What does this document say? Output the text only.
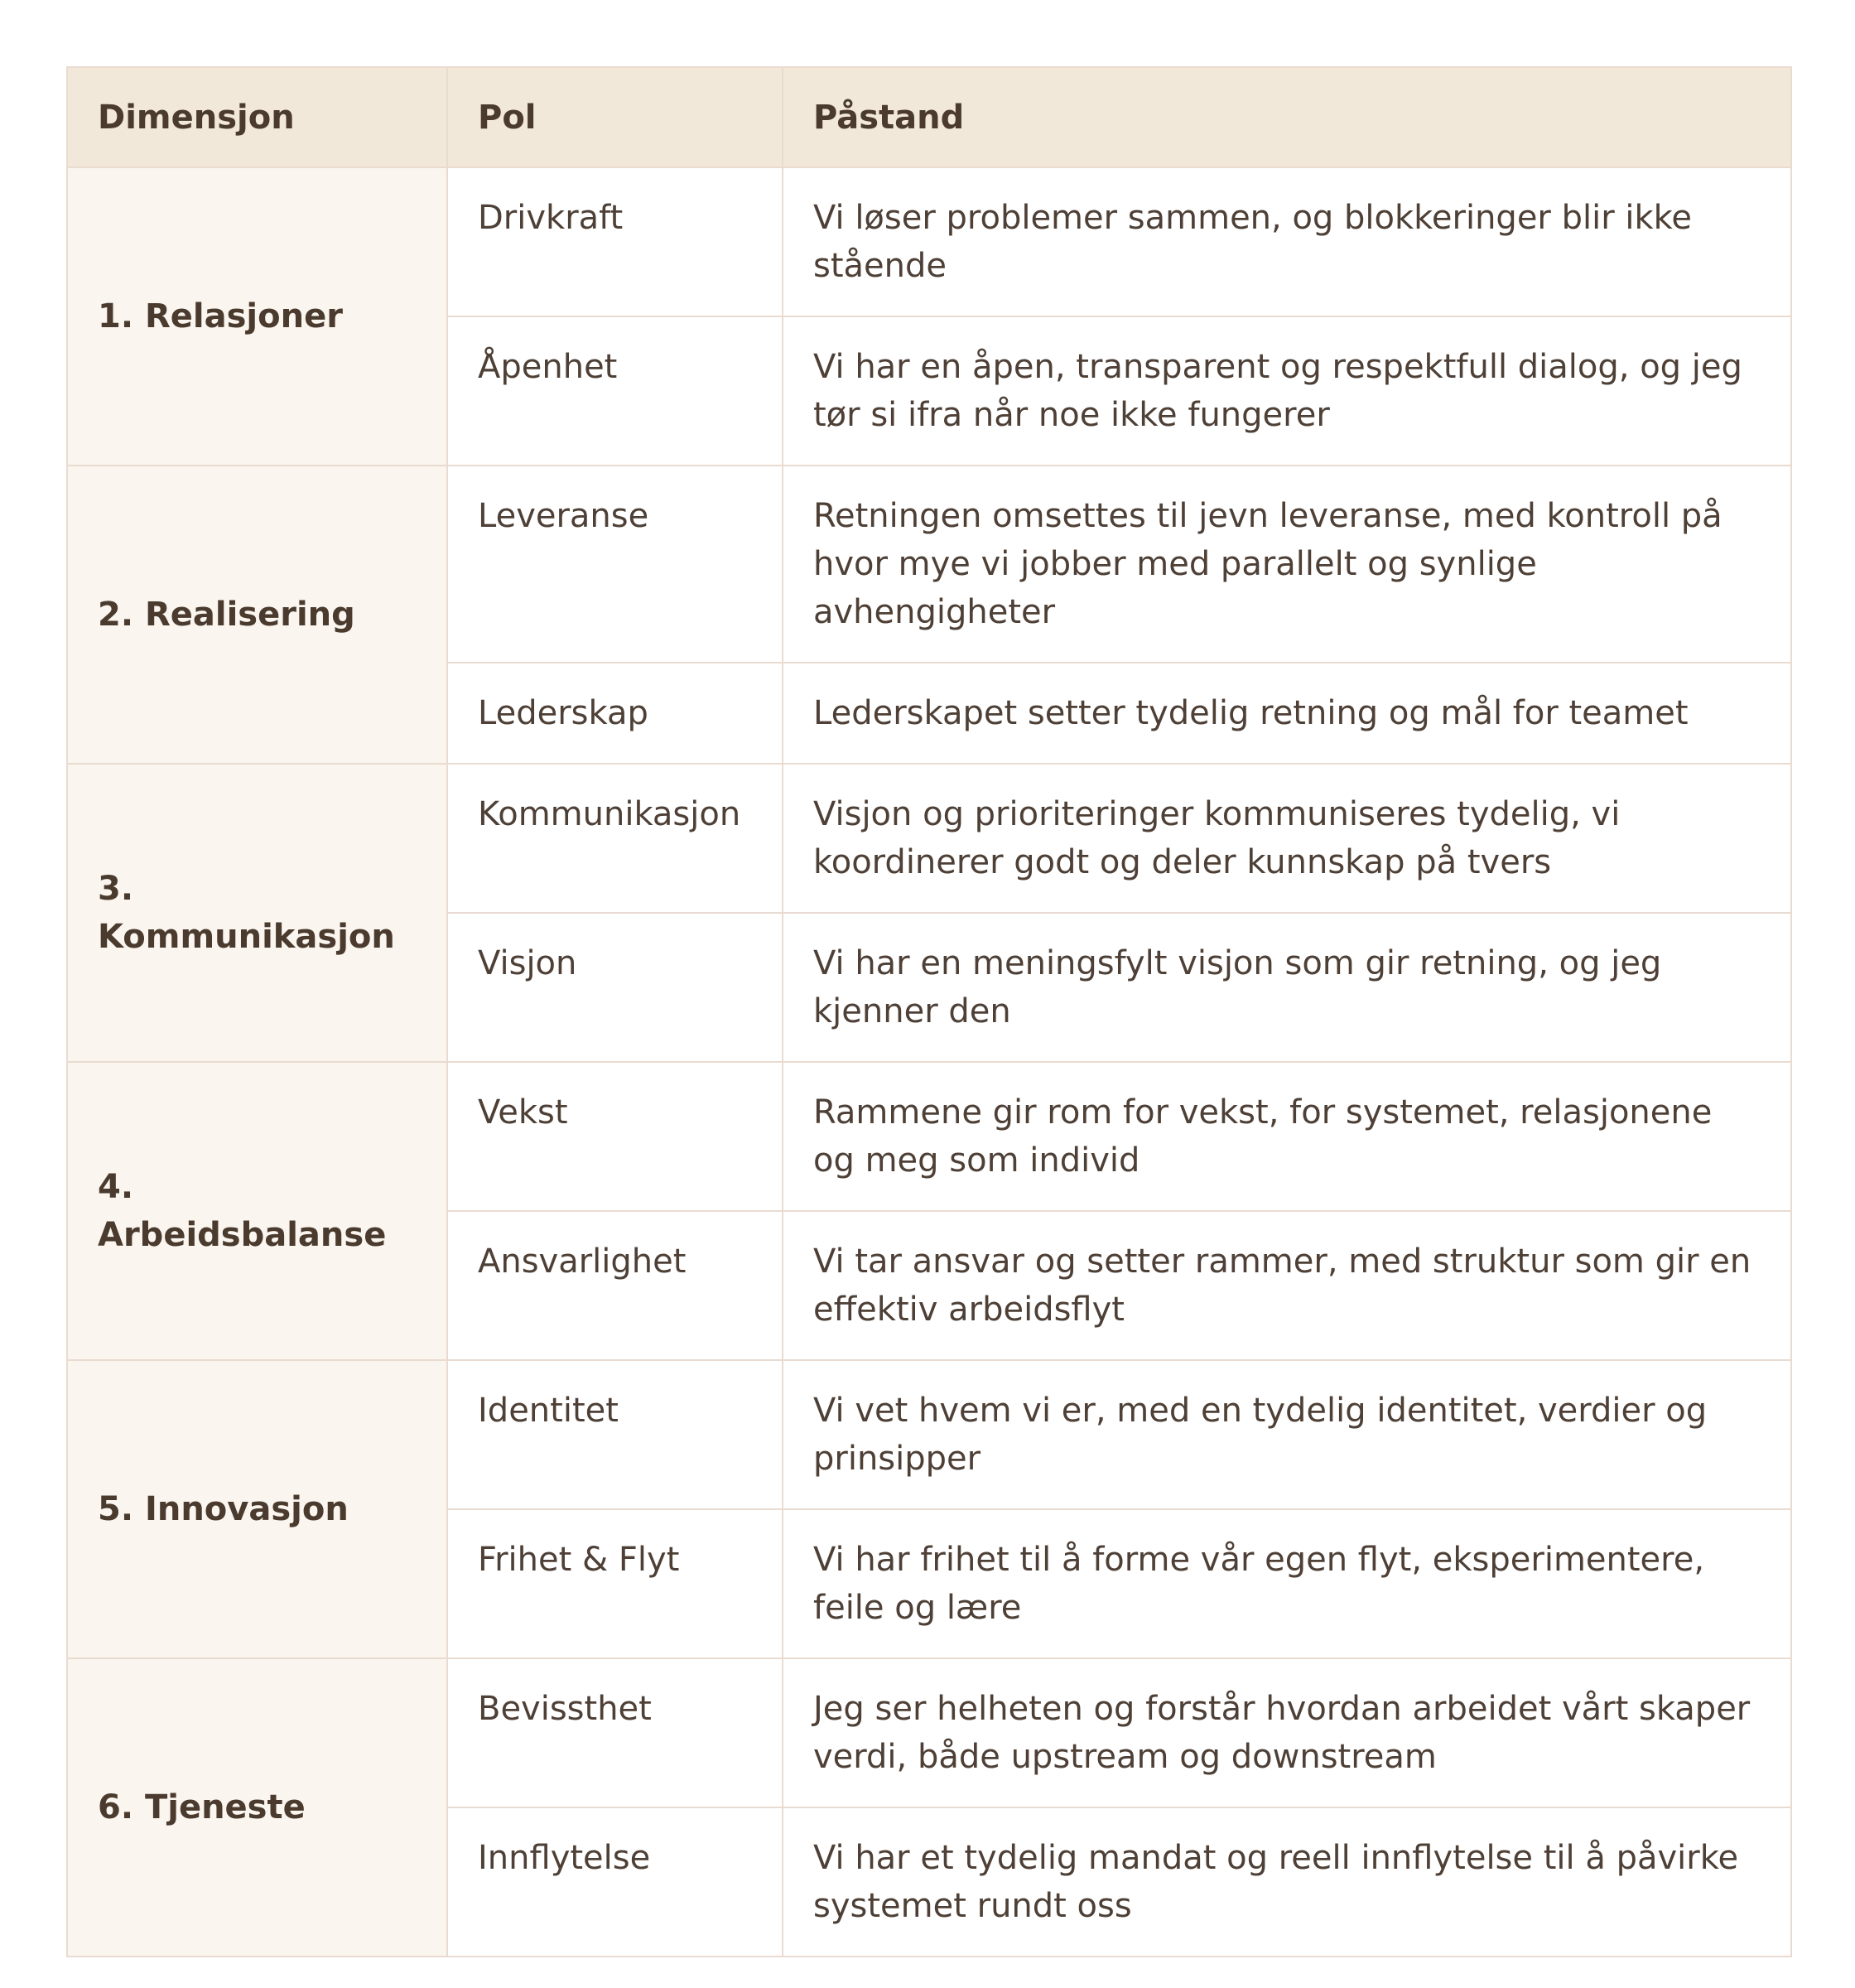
Dimensjon	Pol	Påstand
1. Relasjoner	Drivkraft	Vi løser problemer sammen, og blokkeringer blir ikke stående
	Åpenhet	Vi har en åpen, transparent og respektfull dialog, og jeg tør si ifra når noe ikke fungerer
2. Realisering	Leveranse	Retningen omsettes til jevn leveranse, med kontroll på hvor mye vi jobber med parallelt og synlige avhengigheter
	Lederskap	Lederskapet setter tydelig retning og mål for teamet
3. Kommunikasjon	Kommunikasjon	Visjon og prioriteringer kommuniseres tydelig, vi koordinerer godt og deler kunnskap på tvers
	Visjon	Vi har en meningsfylt visjon som gir retning, og jeg kjenner den
4. Arbeidsbalanse	Vekst	Rammene gir rom for vekst, for systemet, relasjonene og meg som individ
	Ansvarlighet	Vi tar ansvar og setter rammer, med struktur som gir en effektiv arbeidsflyt
5. Innovasjon	Identitet	Vi vet hvem vi er, med en tydelig identitet, verdier og prinsipper
	Frihet & Flyt	Vi har frihet til å forme vår egen flyt, eksperimentere, feile og lære
6. Tjeneste	Bevissthet	Jeg ser helheten og forstår hvordan arbeidet vårt skaper verdi, både upstream og downstream
	Innflytelse	Vi har et tydelig mandat og reell innflytelse til å påvirke systemet rundt oss
